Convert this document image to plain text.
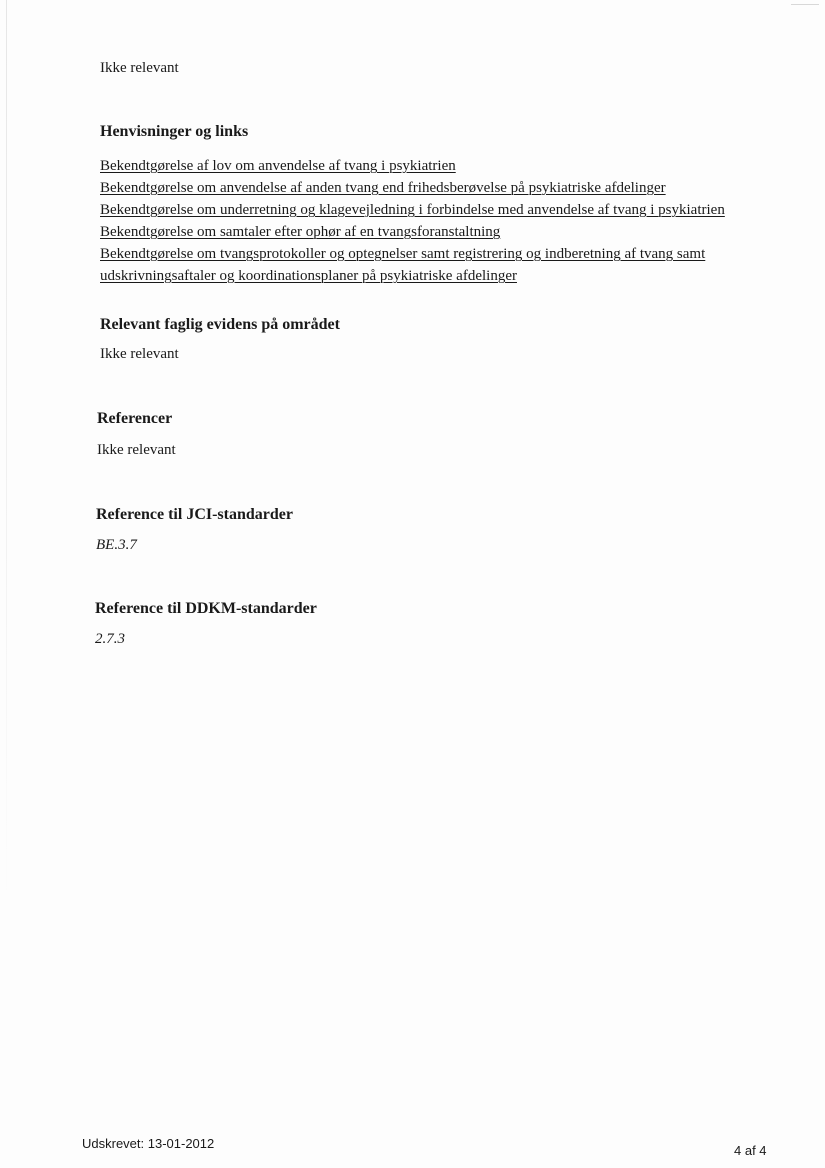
Ikke relevant

Henvisninger og links
Bekendtgørelse af lov om anvendelse af tvang i psykiatrien
Bekendtgørelse om anvendelse af anden tvang end frihedsberøvelse på psykiatriske afdelinger
Bekendtgørelse om underretning og klagevejledning i forbindelse med anvendelse af tvang i psykiatrien
Bekendtgørelse om samtaler efter ophør af en tvangsforanstaltning
Bekendtgørelse om tvangsprotokoller og optegnelser samt registrering og indberetning af tvang samt udskrivningsaftaler og koordinationsplaner på psykiatriske afdelinger
Relevant faglig evidens på området

Ikke relevant

Referencer

Ikke relevant

Reference til JCI-standarder

BE.3.7

Reference til DDKM-standarder

2.7.3

Udskrevet: 13-01-2012	4 af 4
